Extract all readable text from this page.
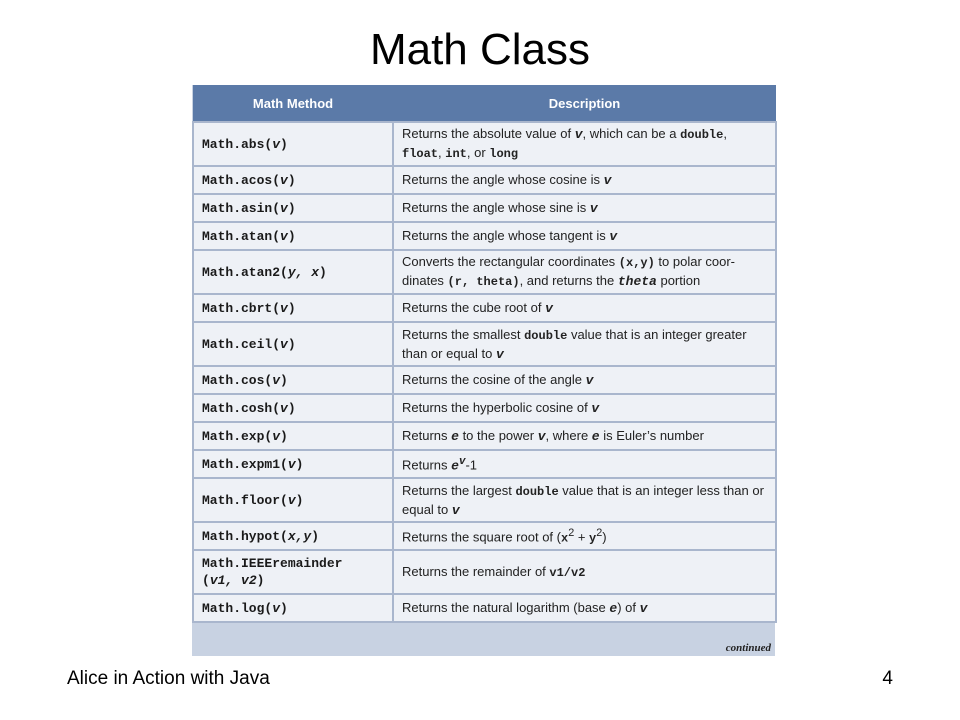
Math Class
Math Method	Description
Math.abs(v)	Returns the absolute value of v, which can be a double, float, int, or long
Math.acos(v)	Returns the angle whose cosine is v
Math.asin(v)	Returns the angle whose sine is v
Math.atan(v)	Returns the angle whose tangent is v
Math.atan2(y, x)	Converts the rectangular coordinates (x,y) to polar coor-dinates (r, theta), and returns the theta portion
Math.cbrt(v)	Returns the cube root of v
Math.ceil(v)	Returns the smallest double value that is an integer greater than or equal to v
Math.cos(v)	Returns the cosine of the angle v
Math.cosh(v)	Returns the hyperbolic cosine of v
Math.exp(v)	Returns e to the power v, where e is Euler’s number
Math.expm1(v)	Returns $e^v-1$
Math.floor(v)	Returns the largest double value that is an integer less than or equal to v
Math.hypot(x,y)	Returns the square root of $(x^2 + y^2)$
Math.IEEEremainder
(v1, v2)	Returns the remainder of v1/v2
Math.log(v)	Returns the natural logarithm (base e) of v
continued
Alice in Action with Java	4
